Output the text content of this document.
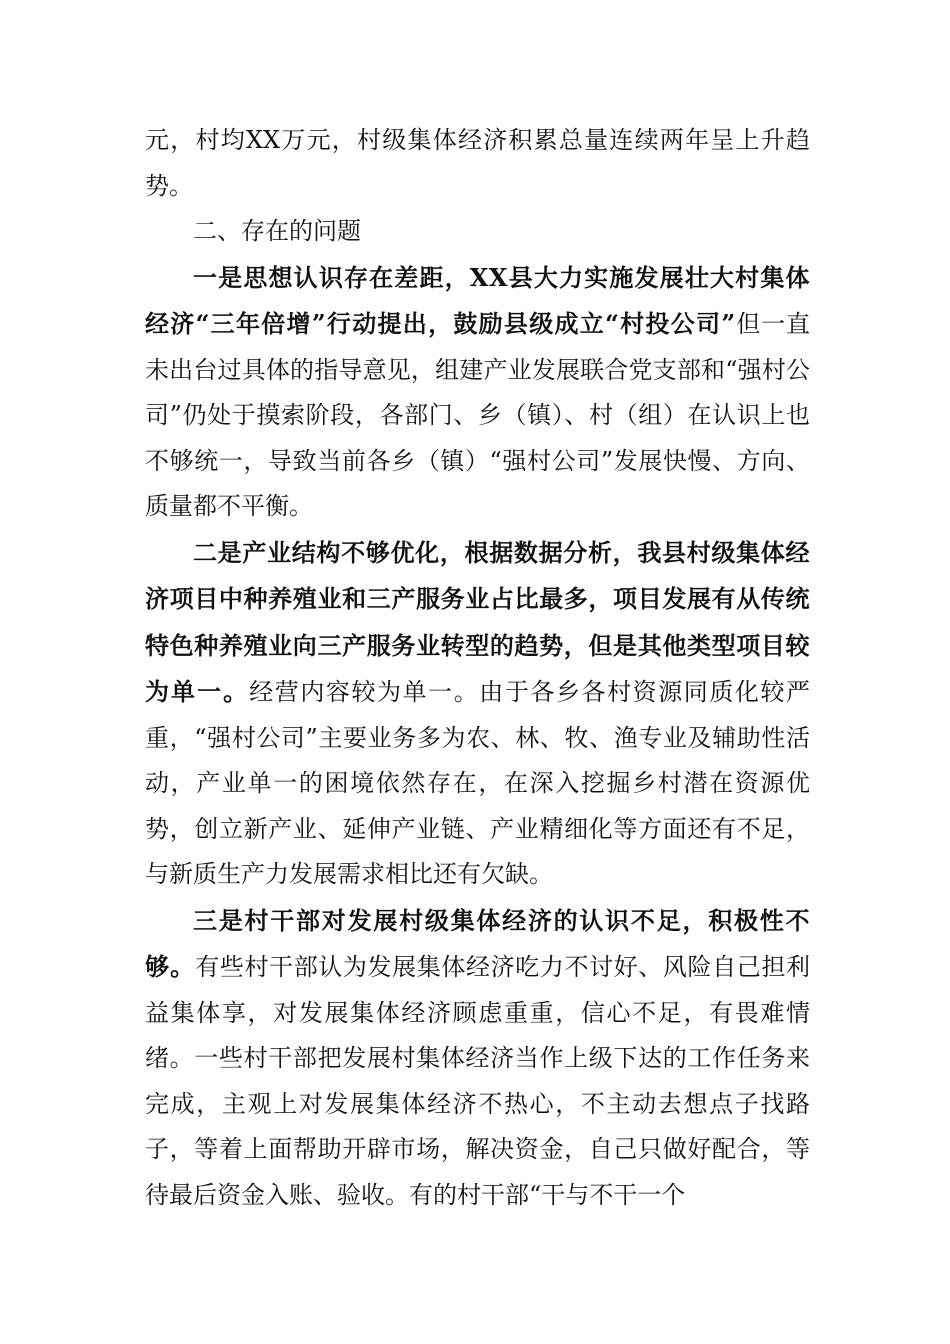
元，村均XX万元，村级集体经济积累总量连续两年呈上升趋势。

二、存在的问题

一是思想认识存在差距，XX县大力实施发展壮大村集体经济“三年倍增”行动提出，鼓励县级成立“村投公司”但一直未出台过具体的指导意见，组建产业发展联合党支部和“强村公司”仍处于摸索阶段，各部门、乡（镇）、村（组）在认识上也不够统一，导致当前各乡（镇）“强村公司”发展快慢、方向、质量都不平衡。

二是产业结构不够优化，根据数据分析，我县村级集体经济项目中种养殖业和三产服务业占比最多，项目发展有从传统特色种养殖业向三产服务业转型的趋势，但是其他类型项目较为单一。经营内容较为单一。由于各乡各村资源同质化较严重，“强村公司”主要业务多为农、林、牧、渔专业及辅助性活动，产业单一的困境依然存在，在深入挖掘乡村潜在资源优势，创立新产业、延伸产业链、产业精细化等方面还有不足，与新质生产力发展需求相比还有欠缺。

三是村干部对发展村级集体经济的认识不足，积极性不够。有些村干部认为发展集体经济吃力不讨好、风险自己担利益集体享，对发展集体经济顾虑重重，信心不足，有畏难情绪。一些村干部把发展村集体经济当作上级下达的工作任务来完成，主观上对发展集体经济不热心，不主动去想点子找路子，等着上面帮助开辟市场，解决资金，自己只做好配合，等待最后资金入账、验收。有的村干部“干与不干一个
